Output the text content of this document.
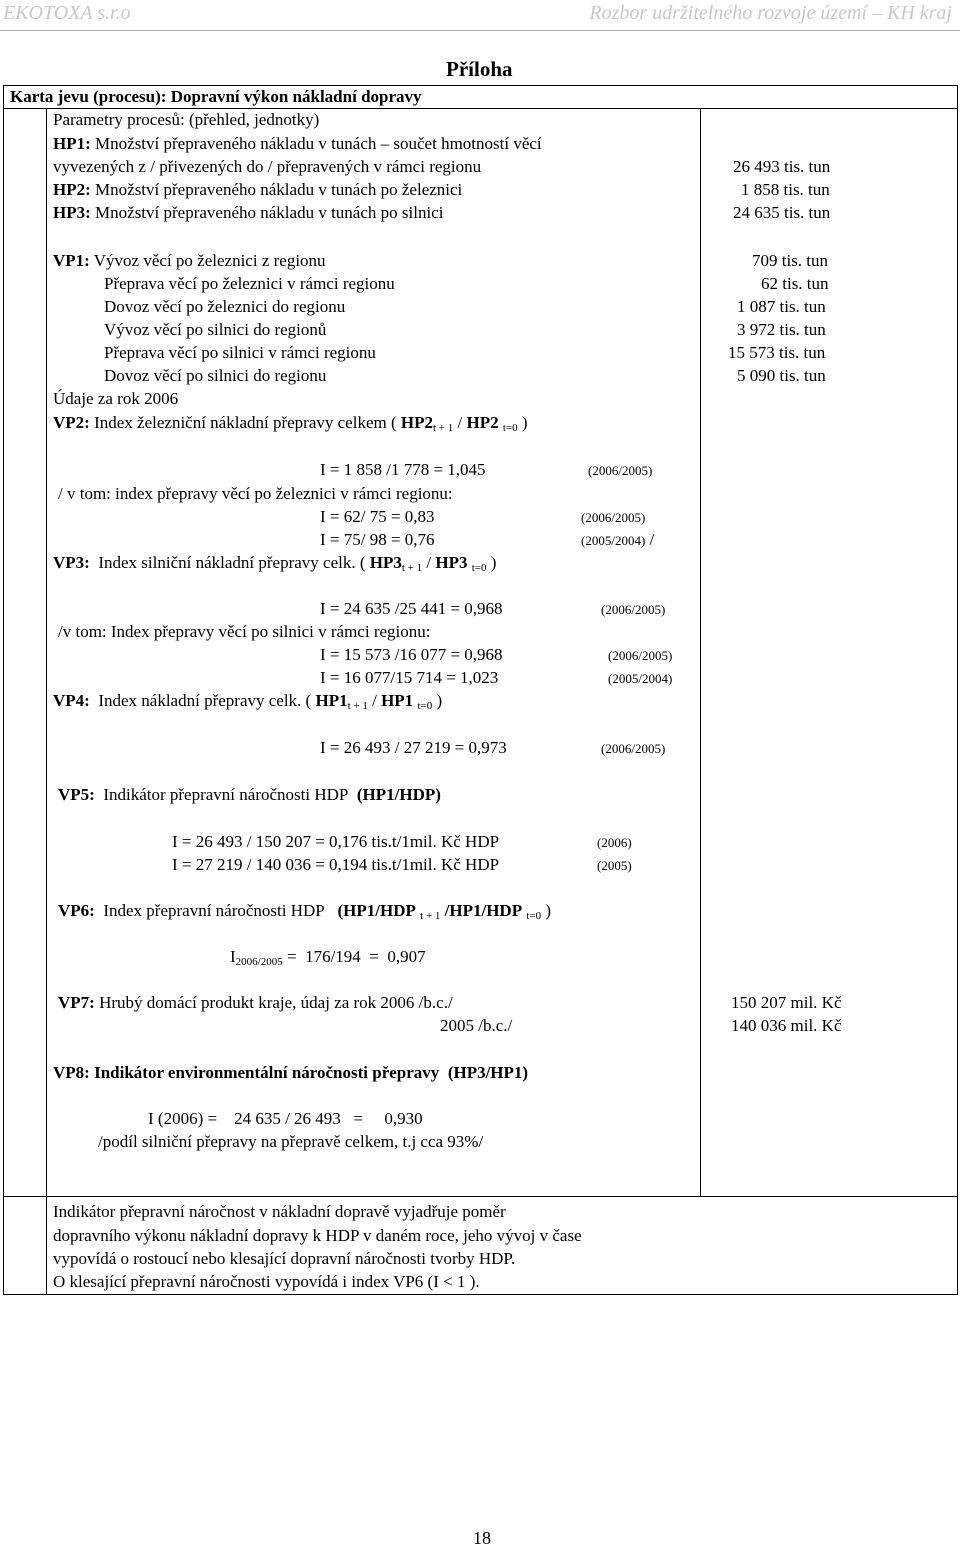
EKOTOXA s.r.o	Rozbor udržitelného rozvoje území – KH kraj
Příloha
Karta jevu (procesu): Dopravní výkon nákladní dopravy
Parametry procesů: (přehled, jednotky)
HP1: Množství přepraveného nákladu v tunách – součet hmotností věcí
vyvezených z / přivezených do / přepravených v rámci regionu	26 493 tis. tun
HP2: Množství přepraveného nákladu v tunách po železnici	1 858 tis. tun
HP3: Množství přepraveného nákladu v tunách po silnici	24 635 tis. tun
VP1: Vývoz věcí po železnici z regionu	709 tis. tun
Přeprava věcí po železnici v rámci regionu	62 tis. tun
Dovoz věcí po železnici do regionu	1 087 tis. tun
Vývoz věcí po silnici do regionů	3 972 tis. tun
Přeprava věcí po silnici v rámci regionu	15 573 tis. tun
Dovoz věcí po silnici do regionu	5 090 tis. tun
Údaje za rok 2006
VP2: Index železniční nákladní přepravy celkem ( $HP2_{t + 1} / HP2$ $_{t=0}$ )
I = 1 858 /1 778 = 1,045	(2006/2005)
/ v tom: index přepravy věcí po železnici v rámci regionu:
I = 62/ 75 = 0,83	(2006/2005)
I = 75/ 98 = 0,76	(2005/2004) /
VP3: Index silniční nákladní přepravy celk. ( $HP3_{t + 1} / HP3$ $_{t=0}$ )
I = 24 635 /25 441 = 0,968	(2006/2005)
/v tom: Index přepravy věcí po silnici v rámci regionu:
I = 15 573 /16 077 = 0,968	(2006/2005)
I = 16 077/15 714 = 1,023	(2005/2004)
VP4: Index nákladní přepravy celk. ( $HP1_{t + 1} / HP1$ $_{t=0}$ )
I = 26 493 / 27 219 = 0,973	(2006/2005)
VP5: Indikátor přepravní náročnosti HDP (HP1/HDP)
I = 26 493 / 150 207 = 0,176 tis.t/1mil. Kč HDP	(2006)
I = 27 219 / 140 036 = 0,194 tis.t/1mil. Kč HDP	(2005)
VP6: Index přepravní náročnosti HDP (HP1/HDP $_{t + 1}$ /HP1/HDP $_{t=0}$ )
$I_{2006/2005} = 176/194 = 0,907$
VP7: Hrubý domácí produkt kraje, údaj za rok 2006 /b.c./	150 207 mil. Kč
2005 /b.c./	140 036 mil. Kč
VP8: Indikátor environmentální náročnosti přepravy (HP3/HP1)
I (2006) =    24 635 / 26 493   =     0,930
/podíl silniční přepravy na přepravě celkem, t.j cca 93%/
Indikátor přepravní náročnost v nákladní dopravě vyjadřuje poměr
dopravního výkonu nákladní dopravy k HDP v daném roce, jeho vývoj v čase
vypovídá o rostoucí nebo klesající dopravní náročnosti tvorby HDP.
O klesající přepravní náročnosti vypovídá i index VP6 (I < 1 ).
18
